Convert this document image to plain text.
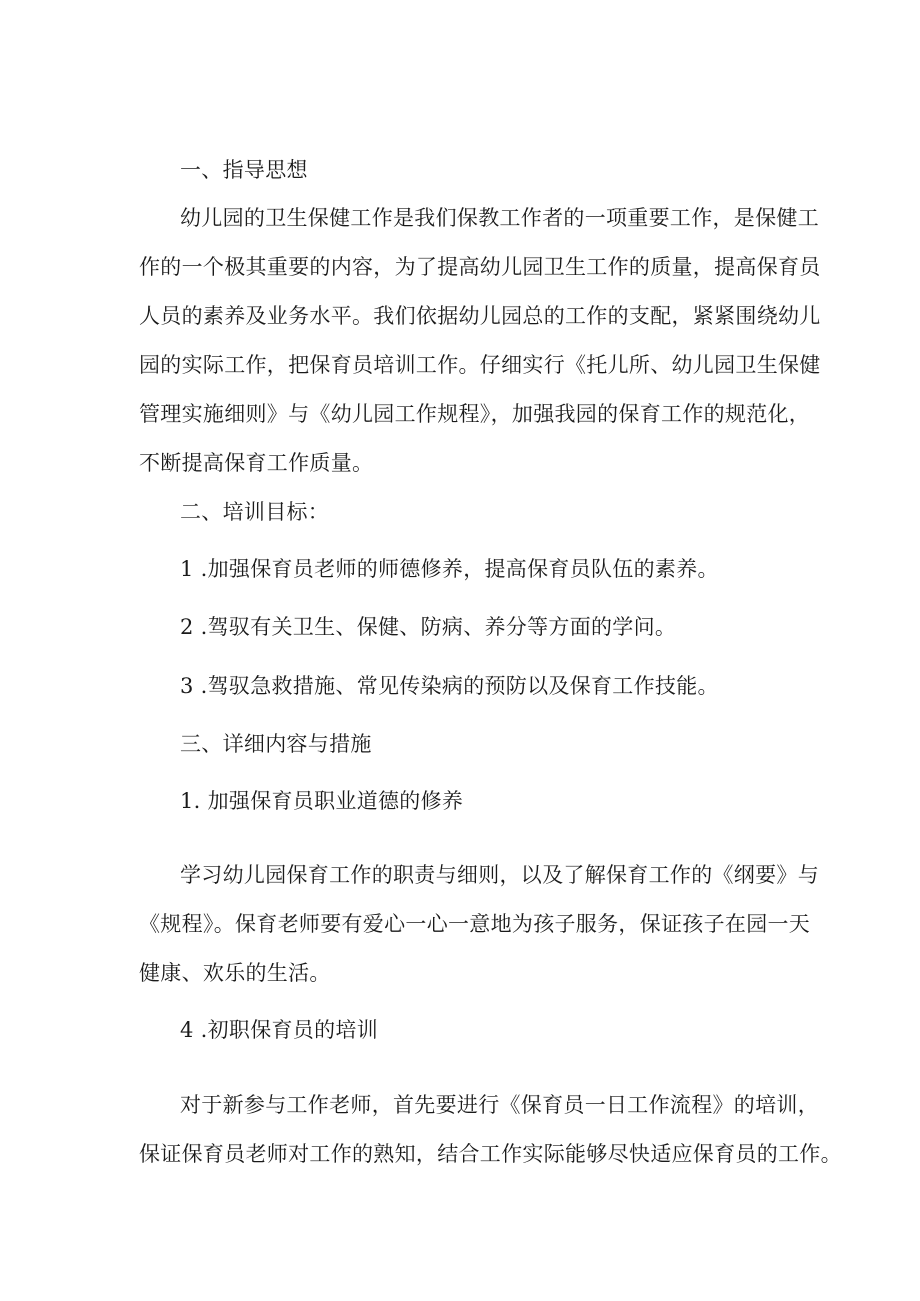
一、指导思想
幼儿园的卫生保健工作是我们保教工作者的一项重要工作，是保健工
作的一个极其重要的内容，为了提高幼儿园卫生工作的质量，提高保育员
人员的素养及业务水平。我们依据幼儿园总的工作的支配，紧紧围绕幼儿
园的实际工作，把保育员培训工作。仔细实行《托儿所、幼儿园卫生保健
管理实施细则》与《幼儿园工作规程》，加强我园的保育工作的规范化，
不断提高保育工作质量。
二、培训目标：
1 .加强保育员老师的师德修养，提高保育员队伍的素养。
2 .驾驭有关卫生、保健、防病、养分等方面的学问。
3 .驾驭急救措施、常见传染病的预防以及保育工作技能。
三、详细内容与措施
1. 加强保育员职业道德的修养
学习幼儿园保育工作的职责与细则，以及了解保育工作的《纲要》与
《规程》。保育老师要有爱心一心一意地为孩子服务，保证孩子在园一天
健康、欢乐的生活。
4 .初职保育员的培训
对于新参与工作老师，首先要进行《保育员一日工作流程》的培训，
保证保育员老师对工作的熟知，结合工作实际能够尽快适应保育员的工作。
